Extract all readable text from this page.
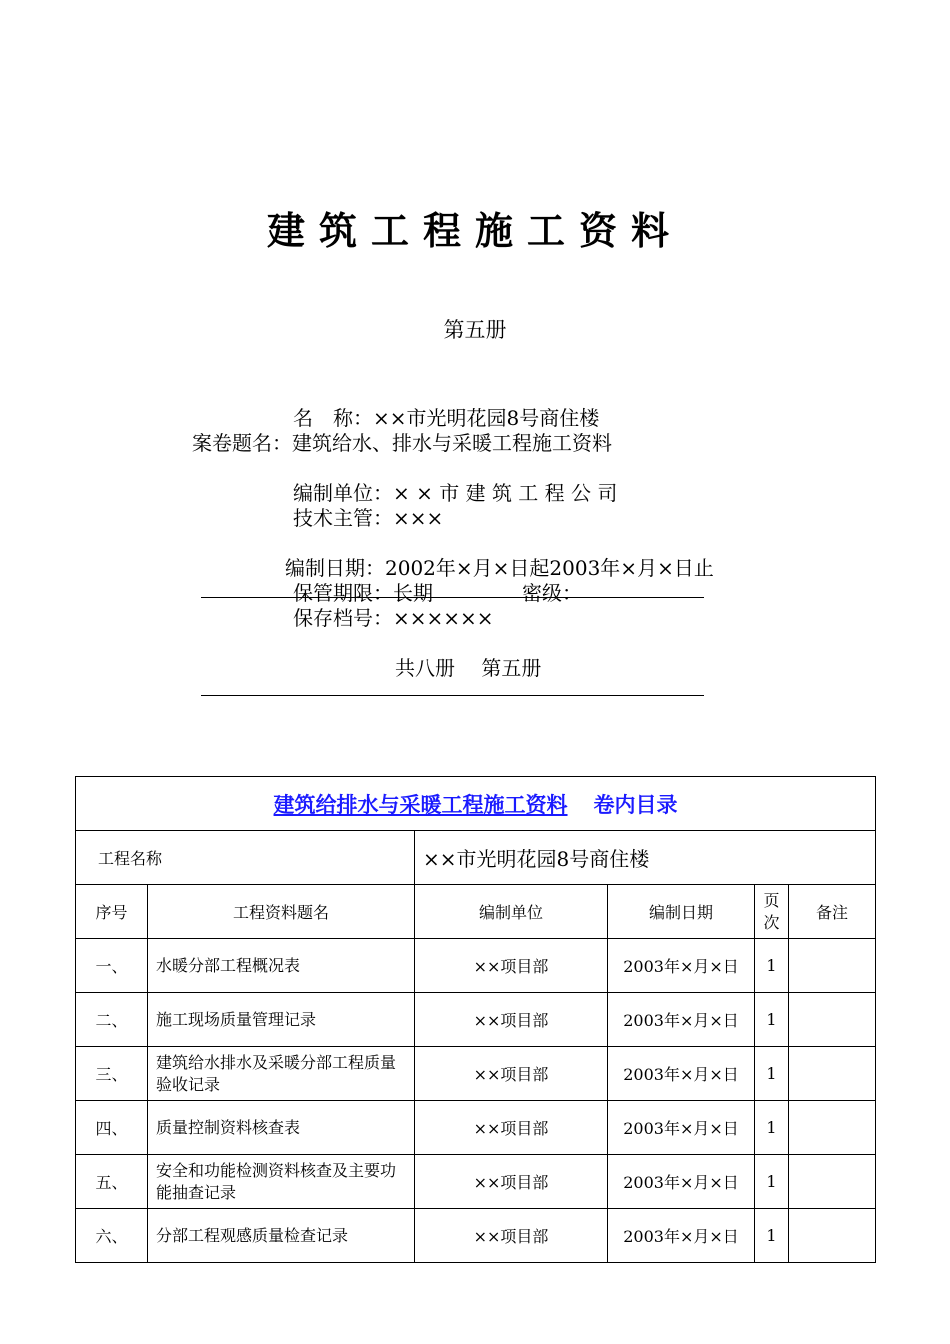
建筑工程施工资料
第五册
名　称：××市光明花园8号商住楼
案卷题名：建筑给水、排水与采暖工程施工资料
编制单位：× × 市 建 筑 工 程 公 司
技术主管：×××
编制日期：2002年×月×日起2003年×月×日止
保管期限：长期	密级：
保存档号：××××××
共八册　 第五册
建筑给排水与采暖工程施工资料 卷内目录					

工程名称		××市光明花园8号商住楼			
序号	工程资料题名	编制单位	编制日期	页次	备注
一、	水暖分部工程概况表	××项目部	2003年×月×日	1	
二、	施工现场质量管理记录	××项目部	2003年×月×日	1	
三、	建筑给水排水及采暖分部工程质量验收记录	××项目部	2003年×月×日	1	
四、	质量控制资料核查表	××项目部	2003年×月×日	1	
五、	安全和功能检测资料核查及主要功能抽查记录	××项目部	2003年×月×日	1	
六、	分部工程观感质量检查记录	××项目部	2003年×月×日	1	
